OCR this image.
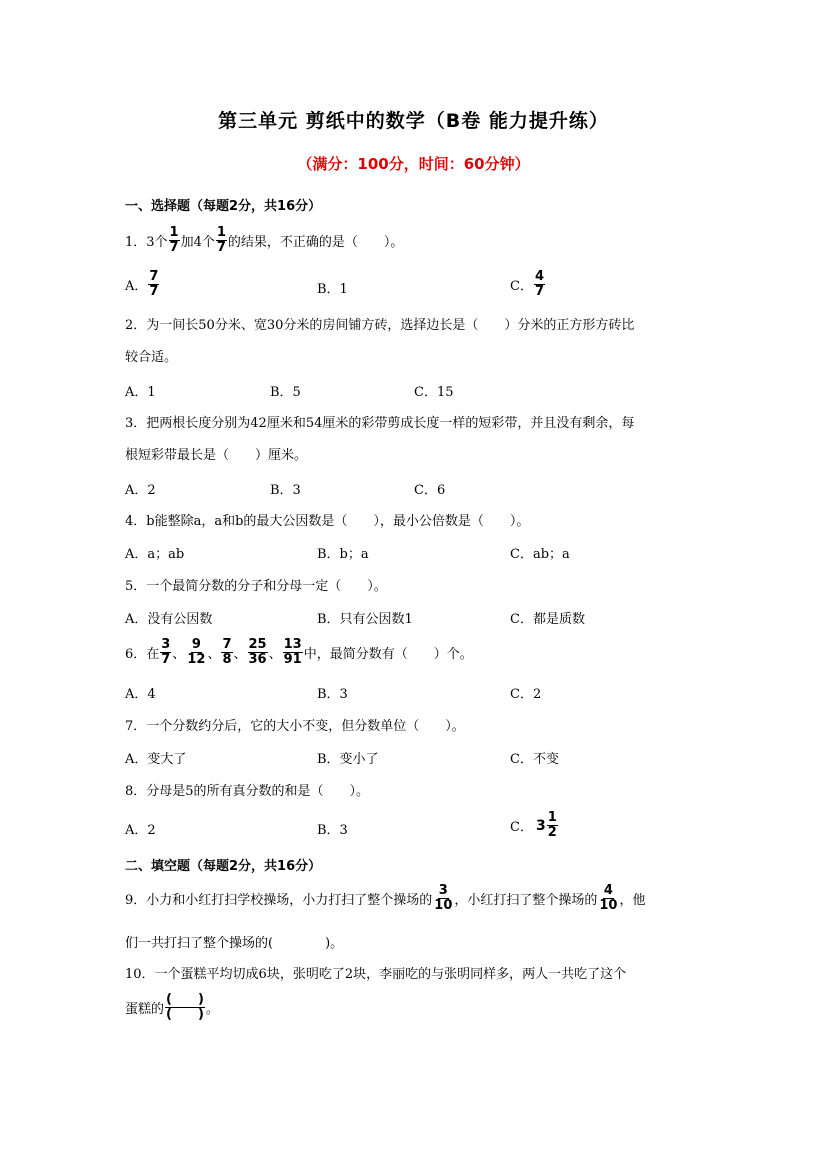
第三单元 剪纸中的数学（B卷 能力提升练）
（满分：100分，时间：60分钟）
一、选择题（每题2分，共16分）
1．3个 $\frac{1}{7}$ 加4个 $\frac{1}{7}$ 的结果，不正确的是（　　）。
A． $\frac{7}{7}$	B．1	C． $\frac{4}{7}$
2．为一间长50分米、宽30分米的房间铺方砖，选择边长是（　　）分米的正方形方砖比
较合适。
A．1	B．5	C．15
3．把两根长度分别为42厘米和54厘米的彩带剪成长度一样的短彩带，并且没有剩余，每
根短彩带最长是（　　）厘米。
A．2	B．3	C．6
4．b能整除a，a和b的最大公因数是（　　），最小公倍数是（　　）。
A．a；ab	B．b；a	C．ab；a
5．一个最简分数的分子和分母一定（　　）。
A．没有公因数	B．只有公因数1	C．都是质数
6．在 $\frac{3}{7}$ 、 $\frac{9}{12}$ 、 $\frac{7}{8}$ 、 $\frac{25}{36}$ 、 $\frac{13}{91}$ 中，最简分数有（　　）个。
A．4	B．3	C．2
7．一个分数约分后，它的大小不变，但分数单位（　　）。
A．变大了	B．变小了	C．不变
8．分母是5的所有真分数的和是（　　）。
A．2	B．3	C． $3 \frac{1}{2}$
二、填空题（每题2分，共16分）
9．小力和小红打扫学校操场，小力打扫了整个操场的 $\frac{3}{10}$ ，小红打扫了整个操场的 $\frac{4}{10}$ ，他
们一共打扫了整个操场的(　　　　)。
10．一个蛋糕平均切成6块，张明吃了2块，李丽吃的与张明同样多，两人一共吃了这个
蛋糕的 $\frac{( )}{( )}$ 。
